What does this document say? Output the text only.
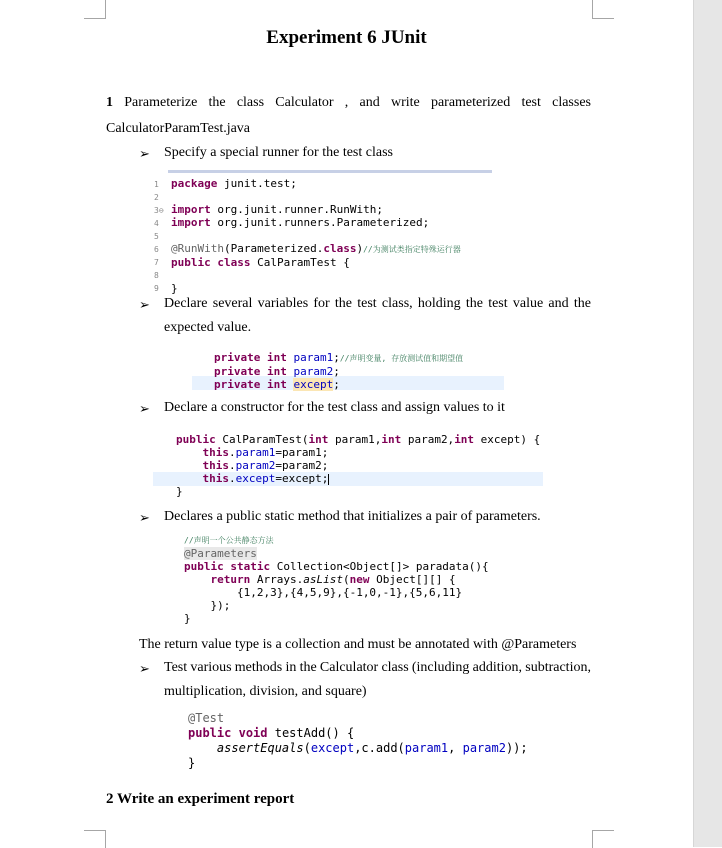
Experiment 6 JUnit
1 Parameterize the class Calculator , and write parameterized test classes
CalculatorParamTest.java
➢ Specify a special runner for the test class
1
2
3⊖
4
5
6
7
8
9
package junit.test;

import org.junit.runner.RunWith;
import org.junit.runners.Parameterized;

@RunWith(Parameterized.class)//为测试类指定特殊运行器
public class CalParamTest {

}
➢ Declare several variables for the test class, holding the test value and the
expected value.
private int param1;//声明变量, 存放测试值和期望值
private int param2;
private int except;
➢ Declare a constructor for the test class and assign values to it
public CalParamTest(int param1,int param2,int except) {
this.param1=param1;
this.param2=param2;
this.except=except;
}
➢ Declares a public static method that initializes a pair of parameters.
//声明一个公共静态方法
@Parameters
public static Collection<Object[]> paradata(){
return Arrays.asList(new Object[][] {
{1,2,3},{4,5,9},{-1,0,-1},{5,6,11}
});
}
The return value type is a collection and must be annotated with @Parameters
➢ Test various methods in the Calculator class (including addition, subtraction,
multiplication, division, and square)
@Test
public void testAdd() {
assertEquals(except,c.add(param1, param2));
}
2 Write an experiment report
